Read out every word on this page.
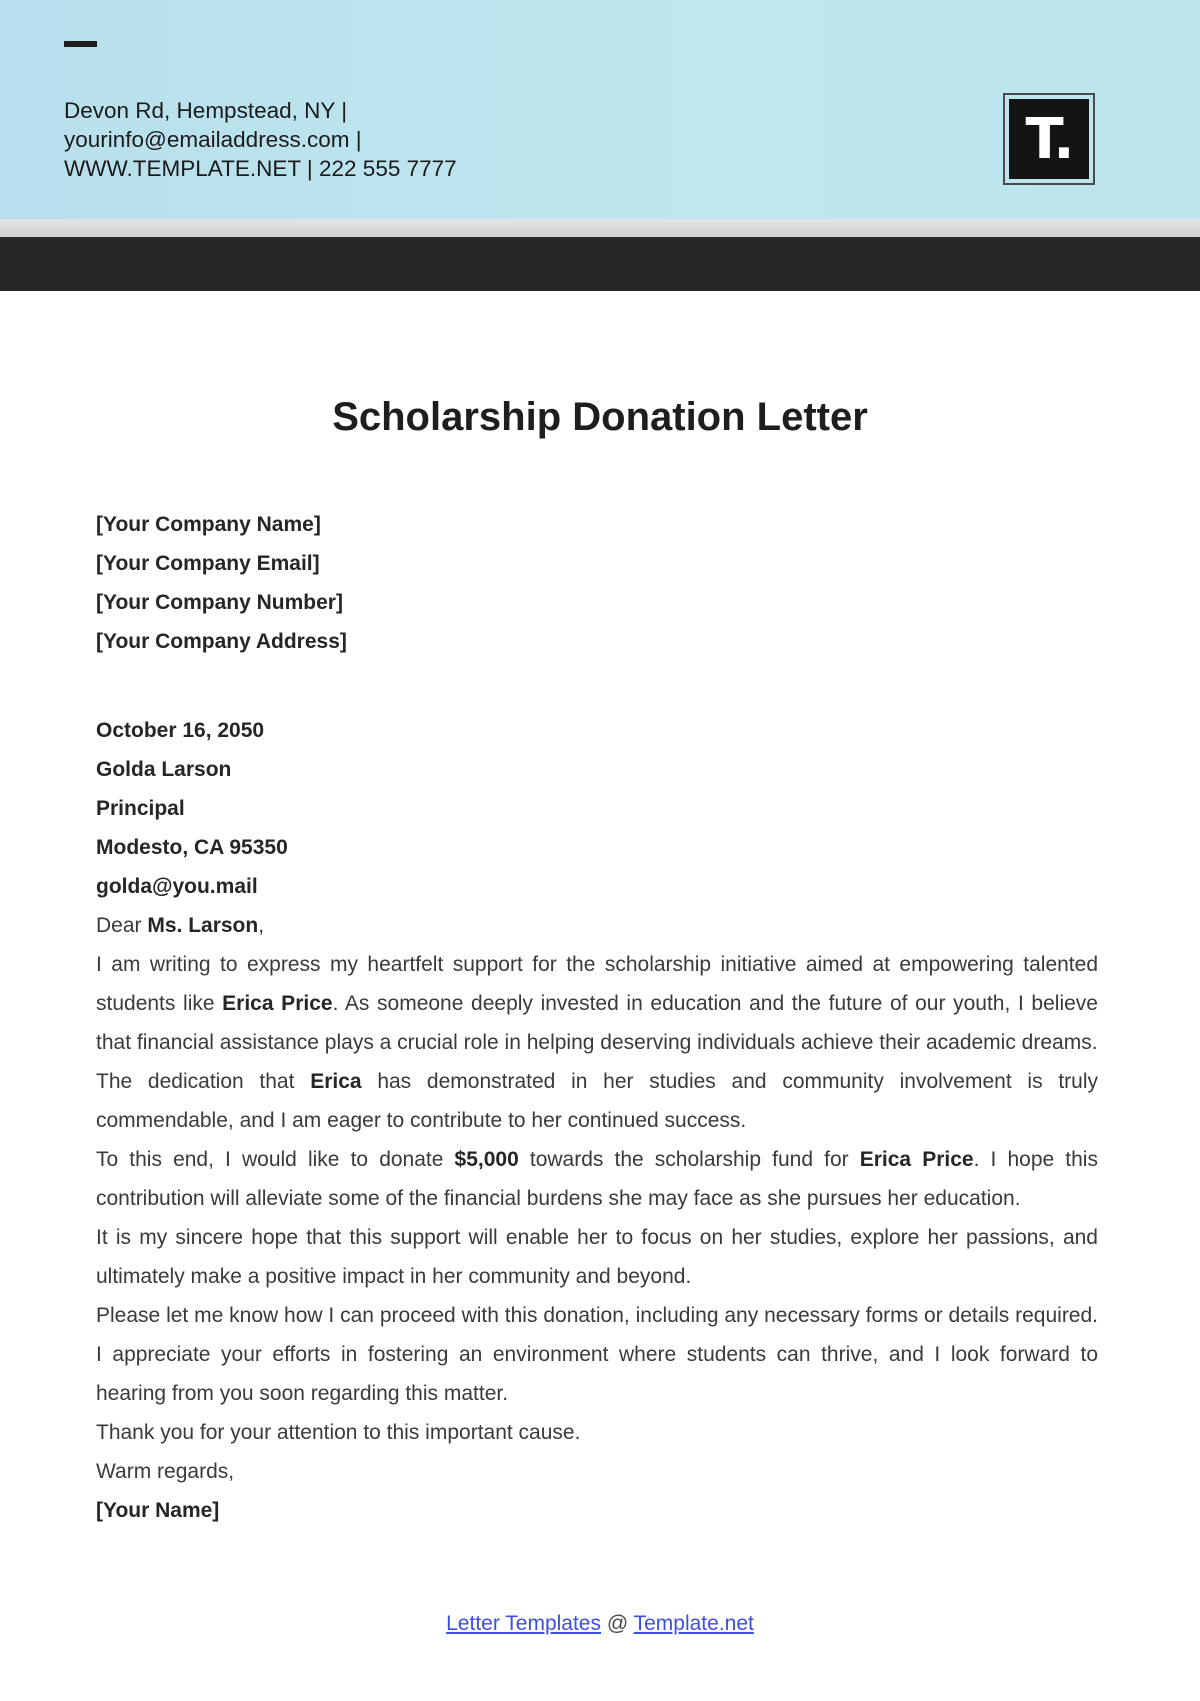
Devon Rd, Hempstead, NY |
yourinfo@emailaddress.com |
WWW.TEMPLATE.NET | 222 555 7777	T.
Scholarship Donation Letter
[Your Company Name]
[Your Company Email]
[Your Company Number]
[Your Company Address]
October 16, 2050
Golda Larson
Principal
Modesto, CA 95350
golda@you.mail
Dear Ms. Larson,
I am writing to express my heartfelt support for the scholarship initiative aimed at empowering talented students like Erica Price. As someone deeply invested in education and the future of our youth, I believe that financial assistance plays a crucial role in helping deserving individuals achieve their academic dreams.
The dedication that Erica has demonstrated in her studies and community involvement is truly commendable, and I am eager to contribute to her continued success.
To this end, I would like to donate $5,000 towards the scholarship fund for Erica Price. I hope this contribution will alleviate some of the financial burdens she may face as she pursues her education.
It is my sincere hope that this support will enable her to focus on her studies, explore her passions, and ultimately make a positive impact in her community and beyond.
Please let me know how I can proceed with this donation, including any necessary forms or details required. I appreciate your efforts in fostering an environment where students can thrive, and I look forward to hearing from you soon regarding this matter.
Thank you for your attention to this important cause.
Warm regards,
[Your Name]
Letter Templates @ Template.net
